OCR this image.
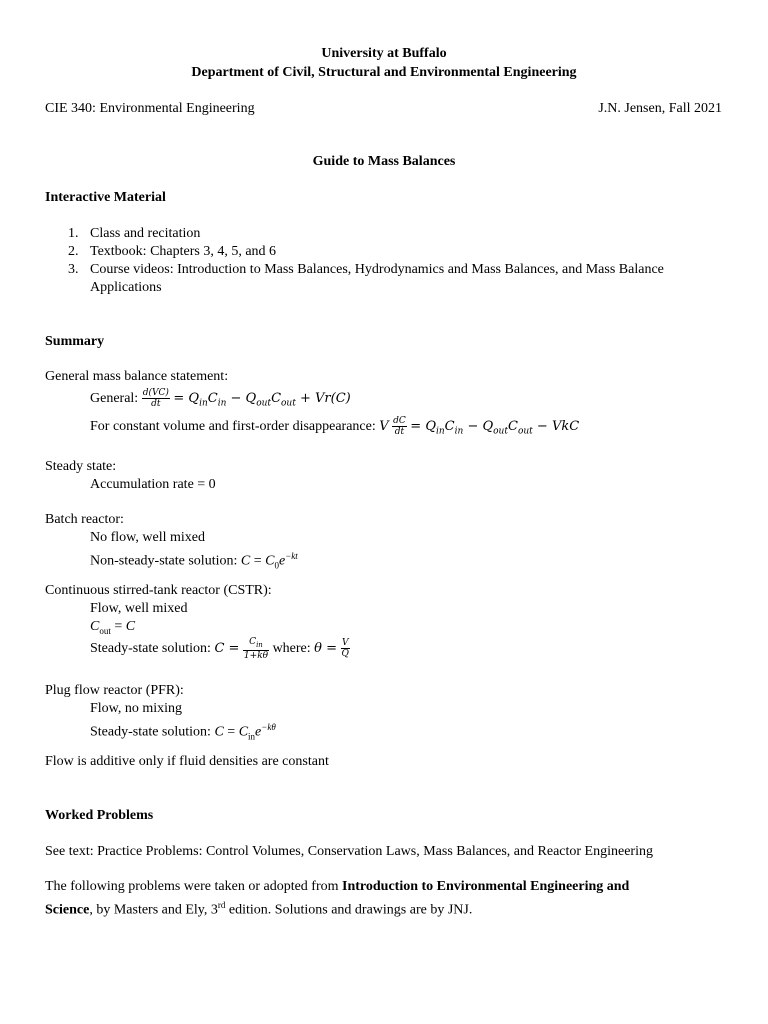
University at Buffalo
Department of Civil, Structural and Environmental Engineering
CIE 340: Environmental Engineering	J.N. Jensen, Fall 2021
Guide to Mass Balances
Interactive Material
1. Class and recitation
2. Textbook: Chapters 3, 4, 5, and 6
3. Course videos: Introduction to Mass Balances, Hydrodynamics and Mass Balances, and Mass Balance
Applications
Summary
General mass balance statement:
General: $\frac{d(VC)}{dt} = Q_{in}C_{in} - Q_{out}C_{out} + Vr(C)$
For constant volume and first-order disappearance: V $\frac{dC}{dt} = Q_{in}C_{in} - Q_{out}C_{out}$ − VkC
Steady state:
Accumulation rate = 0
Batch reactor:
No flow, well mixed
Non-steady-state solution: $C = C_0e^{-kt}$
Continuous stirred-tank reactor (CSTR):
Flow, well mixed
$C_{out} = C$
Steady-state solution: $C = \frac{C_{in}}{1+k\theta}$ where: $\theta = \frac{V}{Q}$
Plug flow reactor (PFR):
Flow, no mixing
Steady-state solution: $C = C_{in}e^{-k\theta}$
Flow is additive only if fluid densities are constant
Worked Problems
See text: Practice Problems: Control Volumes, Conservation Laws, Mass Balances, and Reactor Engineering
The following problems were taken or adopted from Introduction to Environmental Engineering and
Science, by Masters and Ely, 3rd edition. Solutions and drawings are by JNJ.
